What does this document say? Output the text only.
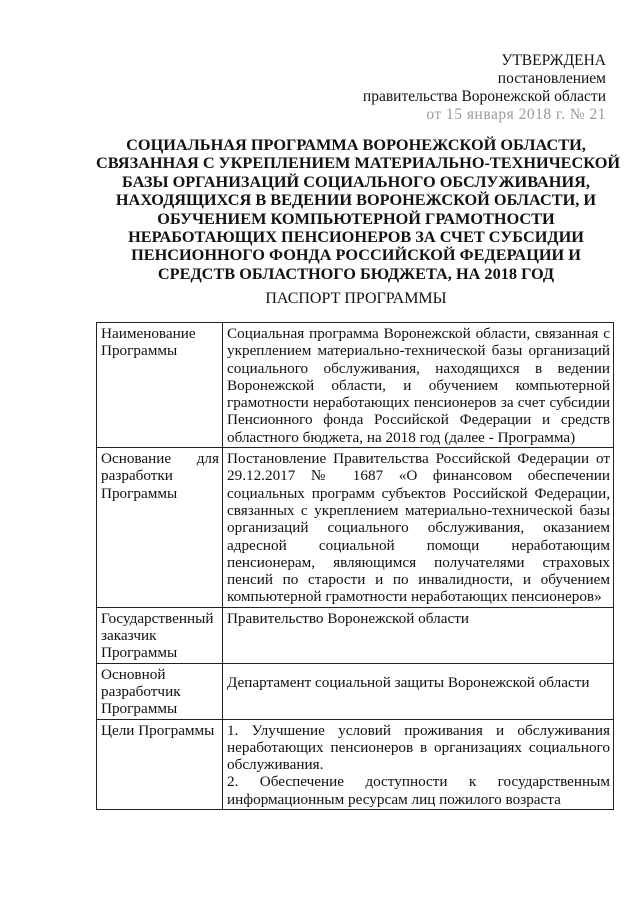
УТВЕРЖДЕНА
постановлением
правительства Воронежской области
от 15 января 2018 г. № 21
СОЦИАЛЬНАЯ ПРОГРАММА ВОРОНЕЖСКОЙ ОБЛАСТИ,
СВЯЗАННАЯ С УКРЕПЛЕНИЕМ МАТЕРИАЛЬНО-ТЕХНИЧЕСКОЙ
БАЗЫ ОРГАНИЗАЦИЙ СОЦИАЛЬНОГО ОБСЛУЖИВАНИЯ,
НАХОДЯЩИХСЯ В ВЕДЕНИИ ВОРОНЕЖСКОЙ ОБЛАСТИ, И
ОБУЧЕНИЕМ КОМПЬЮТЕРНОЙ ГРАМОТНОСТИ
НЕРАБОТАЮЩИХ ПЕНСИОНЕРОВ ЗА СЧЕТ СУБСИДИИ
ПЕНСИОННОГО ФОНДА РОССИЙСКОЙ ФЕДЕРАЦИИ И
СРЕДСТВ ОБЛАСТНОГО БЮДЖЕТА, НА 2018 ГОД
ПАСПОРТ ПРОГРАММЫ
Наименование Программы	Социальная программа Воронежской области, связанная с укреплением материально-технической базы организаций социального обслуживания, находящихся в ведении Воронежской области, и обучением компьютерной грамотности неработающих пенсионеров за счет субсидии Пенсионного фонда Российской Федерации и средств областного бюджета, на 2018 год (далее - Программа)
Основание для разработки Программы	Постановление Правительства Российской Федерации от 29.12.2017 № 1687 «О финансовом обеспечении социальных программ субъектов Российской Федерации, связанных с укреплением материально-технической базы организаций социального обслуживания, оказанием адресной социальной помощи неработающим пенсионерам, являющимся получателями страховых пенсий по старости и по инвалидности, и обучением компьютерной грамотности неработающих пенсионеров»
Государственный заказчик Программы	Правительство Воронежской области
Основной разработчик Программы	Департамент социальной защиты Воронежской области
Цели Программы	1. Улучшение условий проживания и обслуживания неработающих пенсионеров в организациях социального обслуживания.
2. Обеспечение доступности к государственным информационным ресурсам лиц пожилого возраста
